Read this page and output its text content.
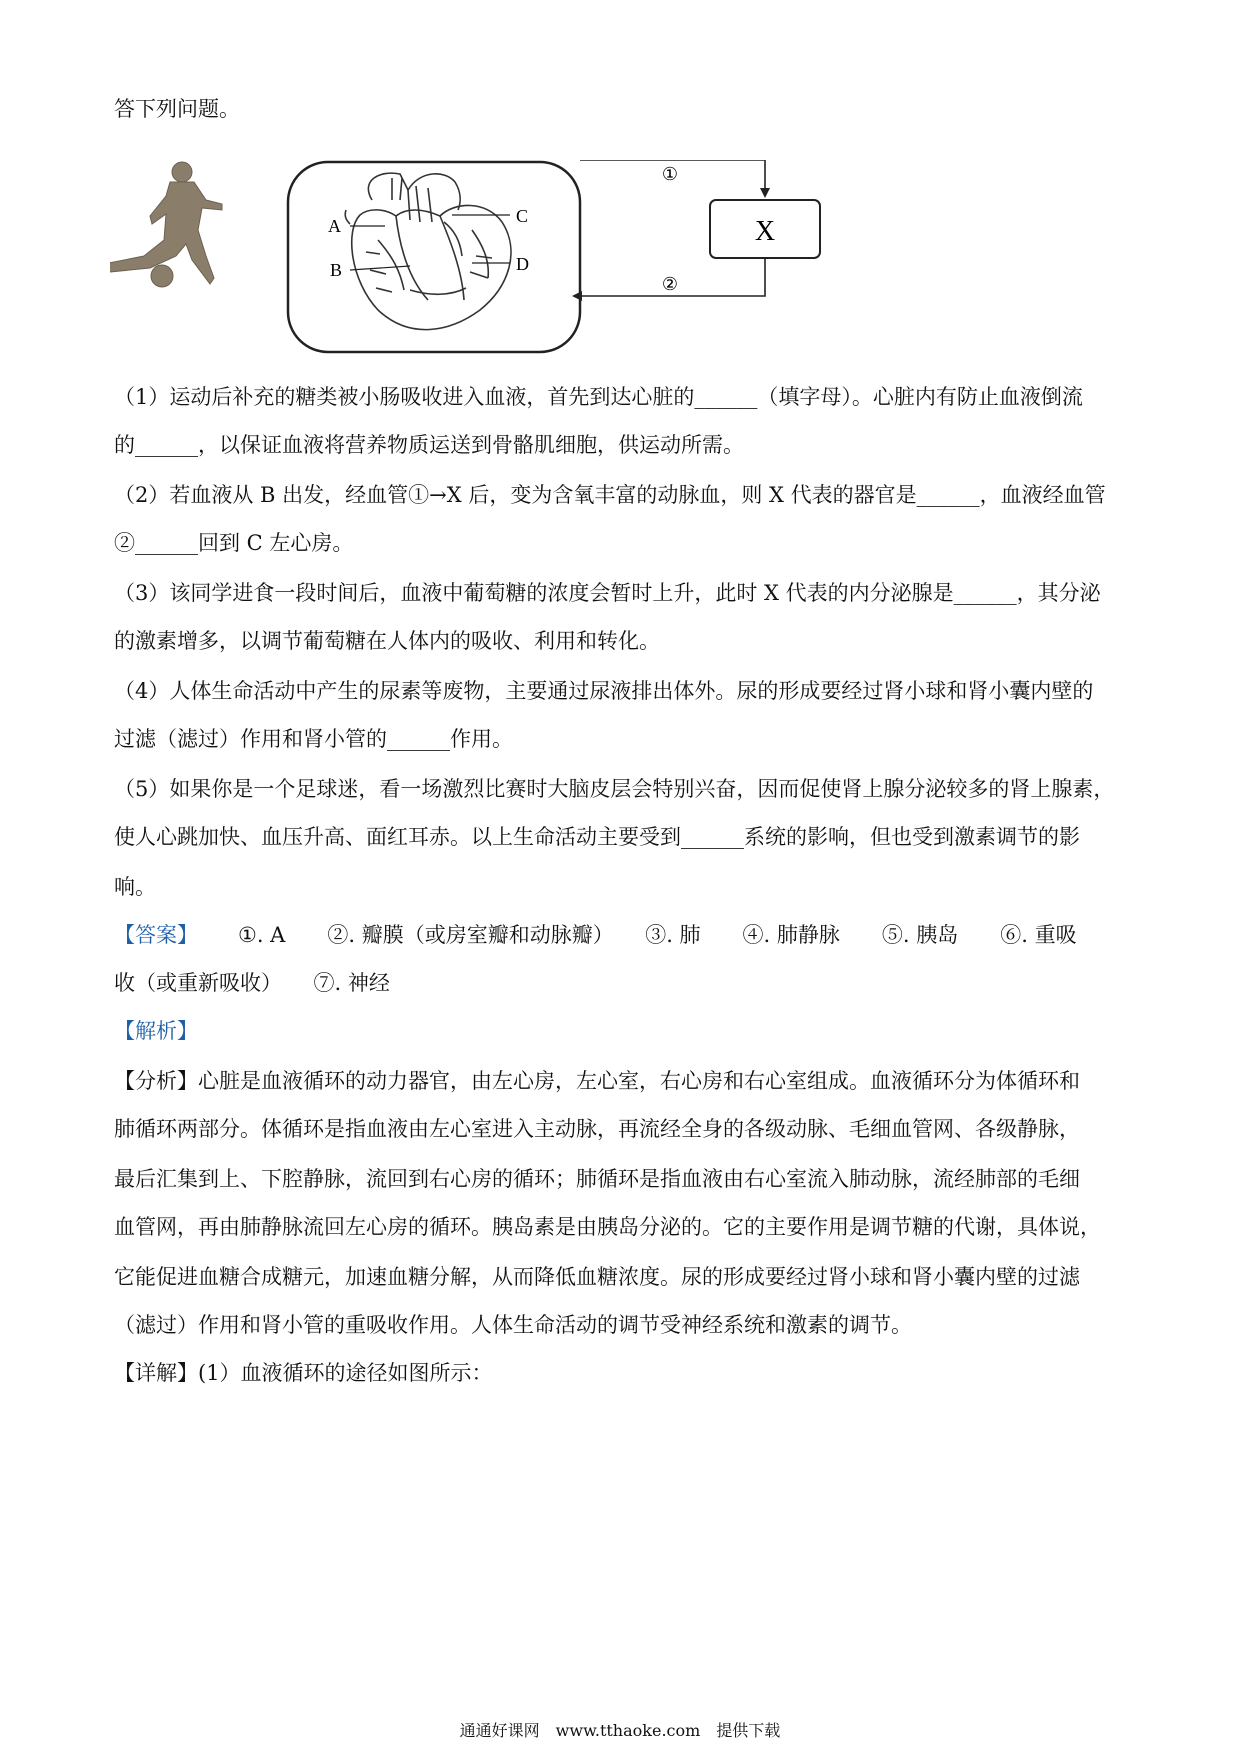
答下列问题。
A
B
C
D
X
①
②
（1）运动后补充的糖类被小肠吸收进入血液，首先到达心脏的______（填字母）。心脏内有防止血液倒流
的______，以保证血液将营养物质运送到骨骼肌细胞，供运动所需。
（2）若血液从 B 出发，经血管①→X 后，变为含氧丰富的动脉血，则 X 代表的器官是______，血液经血管
②______回到 C 左心房。
（3）该同学进食一段时间后，血液中葡萄糖的浓度会暂时上升，此时 X 代表的内分泌腺是______，其分泌
的激素增多，以调节葡萄糖在人体内的吸收、利用和转化。
（4）人体生命活动中产生的尿素等废物，主要通过尿液排出体外。尿的形成要经过肾小球和肾小囊内壁的
过滤（滤过）作用和肾小管的______作用。
（5）如果你是一个足球迷，看一场激烈比赛时大脑皮层会特别兴奋，因而促使肾上腺分泌较多的肾上腺素，
使人心跳加快、血压升高、面红耳赤。以上生命活动主要受到______系统的影响，但也受到激素调节的影
响。
【答案】 ①. A　　②. 瓣膜（或房室瓣和动脉瓣）　　③. 肺　　④. 肺静脉　　⑤. 胰岛　　⑥. 重吸
收（或重新吸收）　　⑦. 神经
【解析】
【分析】心脏是血液循环的动力器官，由左心房，左心室，右心房和右心室组成。血液循环分为体循环和
肺循环两部分。体循环是指血液由左心室进入主动脉，再流经全身的各级动脉、毛细血管网、各级静脉，
最后汇集到上、下腔静脉，流回到右心房的循环；肺循环是指血液由右心室流入肺动脉，流经肺部的毛细
血管网，再由肺静脉流回左心房的循环。胰岛素是由胰岛分泌的。它的主要作用是调节糖的代谢，具体说，
它能促进血糖合成糖元，加速血糖分解，从而降低血糖浓度。尿的形成要经过肾小球和肾小囊内壁的过滤
（滤过）作用和肾小管的重吸收作用。人体生命活动的调节受神经系统和激素的调节。
【详解】(1）血液循环的途径如图所示：
通通好课网　www.tthaoke.com　提供下载
